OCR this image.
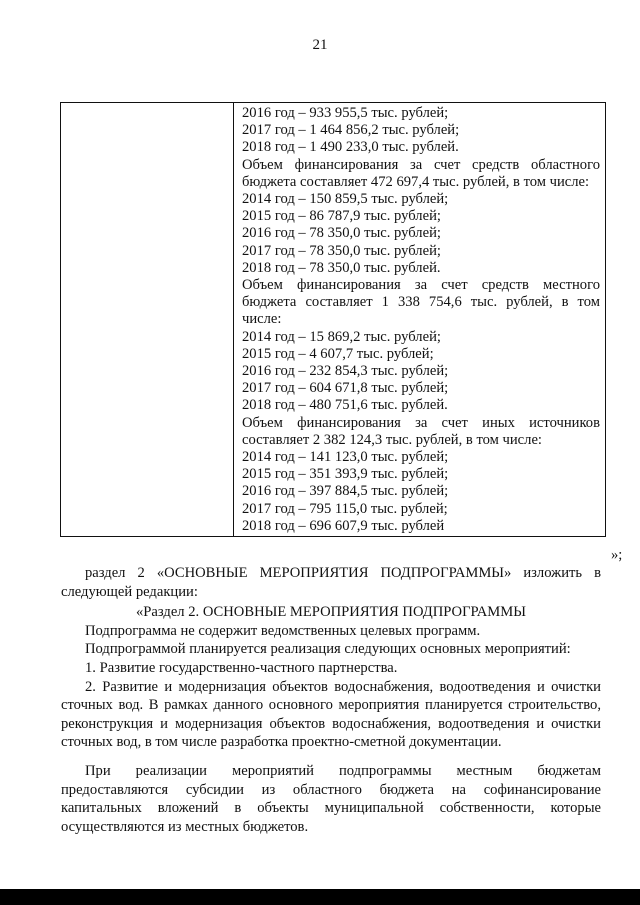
21

2016 год – 933 955,5 тыс. рублей;
2017 год – 1 464 856,2 тыс. рублей;
2018 год – 1 490 233,0 тыс. рублей.
Объем финансирования за счет средств областного бюджета составляет 472 697,4 тыс. рублей, в том числе:
2014 год – 150 859,5 тыс. рублей;
2015 год – 86 787,9 тыс. рублей;
2016 год – 78 350,0 тыс. рублей;
2017 год – 78 350,0 тыс. рублей;
2018 год – 78 350,0 тыс. рублей.
Объем финансирования за счет средств местного бюджета составляет 1 338 754,6 тыс. рублей, в том числе:
2014 год – 15 869,2 тыс. рублей;
2015 год – 4 607,7 тыс. рублей;
2016 год – 232 854,3 тыс. рублей;
2017 год – 604 671,8 тыс. рублей;
2018 год – 480 751,6 тыс. рублей.
Объем финансирования за счет иных источников составляет 2 382 124,3 тыс. рублей, в том числе:
2014 год – 141 123,0 тыс. рублей;
2015 год – 351 393,9 тыс. рублей;
2016 год – 397 884,5 тыс. рублей;
2017 год – 795 115,0 тыс. рублей;
2018 год – 696 607,9 тыс. рублей
»;

раздел 2 «ОСНОВНЫЕ МЕРОПРИЯТИЯ ПОДПРОГРАММЫ» изложить в следующей редакции:

«Раздел 2. ОСНОВНЫЕ МЕРОПРИЯТИЯ ПОДПРОГРАММЫ

Подпрограмма не содержит ведомственных целевых программ.

Подпрограммой планируется реализация следующих основных мероприятий:

1. Развитие государственно-частного партнерства.

2. Развитие и модернизация объектов водоснабжения, водоотведения и очистки сточных вод. В рамках данного основного мероприятия планируется строительство, реконструкция и модернизация объектов водоснабжения, водоотведения и очистки сточных вод, в том числе разработка проектно-сметной документации.

При реализации мероприятий подпрограммы местным бюджетам предоставляются субсидии из областного бюджета на софинансирование капитальных вложений в объекты муниципальной собственности, которые осуществляются из местных бюджетов.
